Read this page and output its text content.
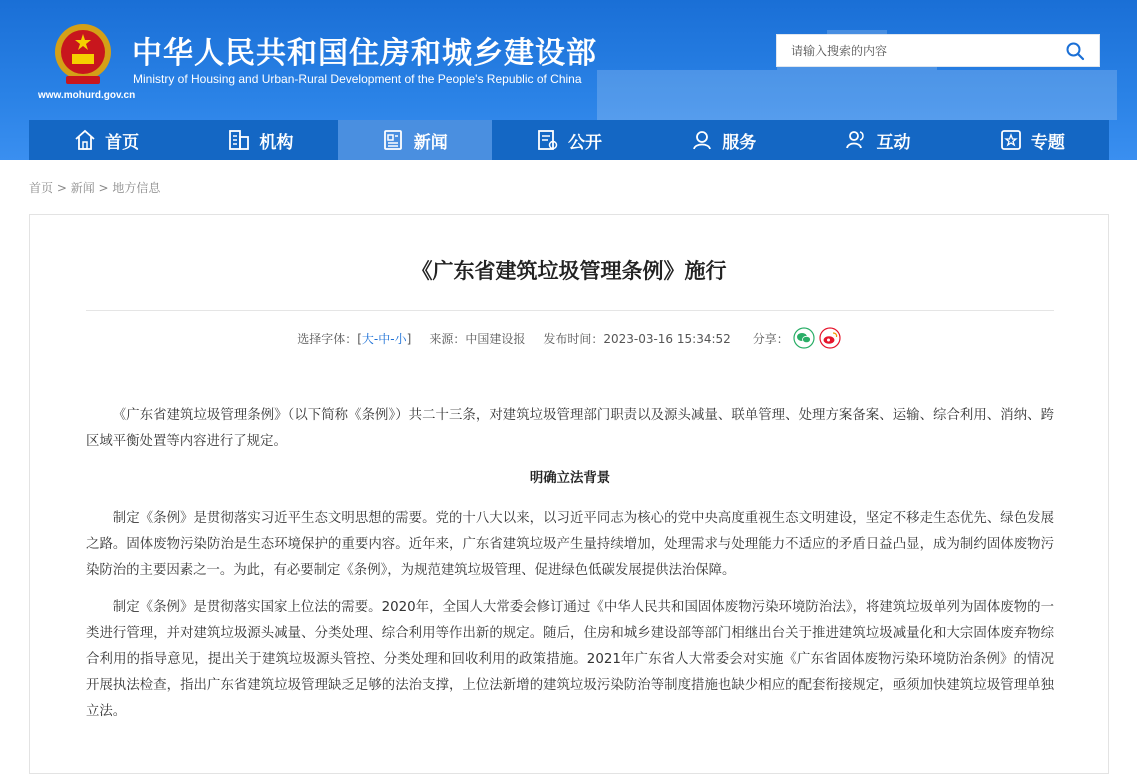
中华人民共和国住房和城乡建设部
Ministry of Housing and Urban-Rural Development of the People's Republic of China
www.mohurd.gov.cn
请输入搜索的内容
首页	机构	新闻	公开	服务	互动	专题
首页 > 新闻 > 地方信息
《广东省建筑垃圾管理条例》施行
选择字体：[大-中-小] 来源：中国建设报 发布时间：2023-03-16 15:34:52 分享：

《广东省建筑垃圾管理条例》（以下简称《条例》）共二十三条，对建筑垃圾管理部门职责以及源头减量、联单管理、处理方案备案、运输、综合利用、消纳、跨区域平衡处置等内容进行了规定。

明确立法背景

制定《条例》是贯彻落实习近平生态文明思想的需要。党的十八大以来，以习近平同志为核心的党中央高度重视生态文明建设，坚定不移走生态优先、绿色发展之路。固体废物污染防治是生态环境保护的重要内容。近年来，广东省建筑垃圾产生量持续增加，处理需求与处理能力不适应的矛盾日益凸显，成为制约固体废物污染防治的主要因素之一。为此，有必要制定《条例》，为规范建筑垃圾管理、促进绿色低碳发展提供法治保障。

制定《条例》是贯彻落实国家上位法的需要。2020年，全国人大常委会修订通过《中华人民共和国固体废物污染环境防治法》，将建筑垃圾单列为固体废物的一类进行管理，并对建筑垃圾源头减量、分类处理、综合利用等作出新的规定。随后，住房和城乡建设部等部门相继出台关于推进建筑垃圾减量化和大宗固体废弃物综合利用的指导意见，提出关于建筑垃圾源头管控、分类处理和回收利用的政策措施。2021年广东省人大常委会对实施《广东省固体废物污染环境防治条例》的情况开展执法检查，指出广东省建筑垃圾管理缺乏足够的法治支撑，上位法新增的建筑垃圾污染防治等制度措施也缺少相应的配套衔接规定，亟须加快建筑垃圾管理单独立法。
